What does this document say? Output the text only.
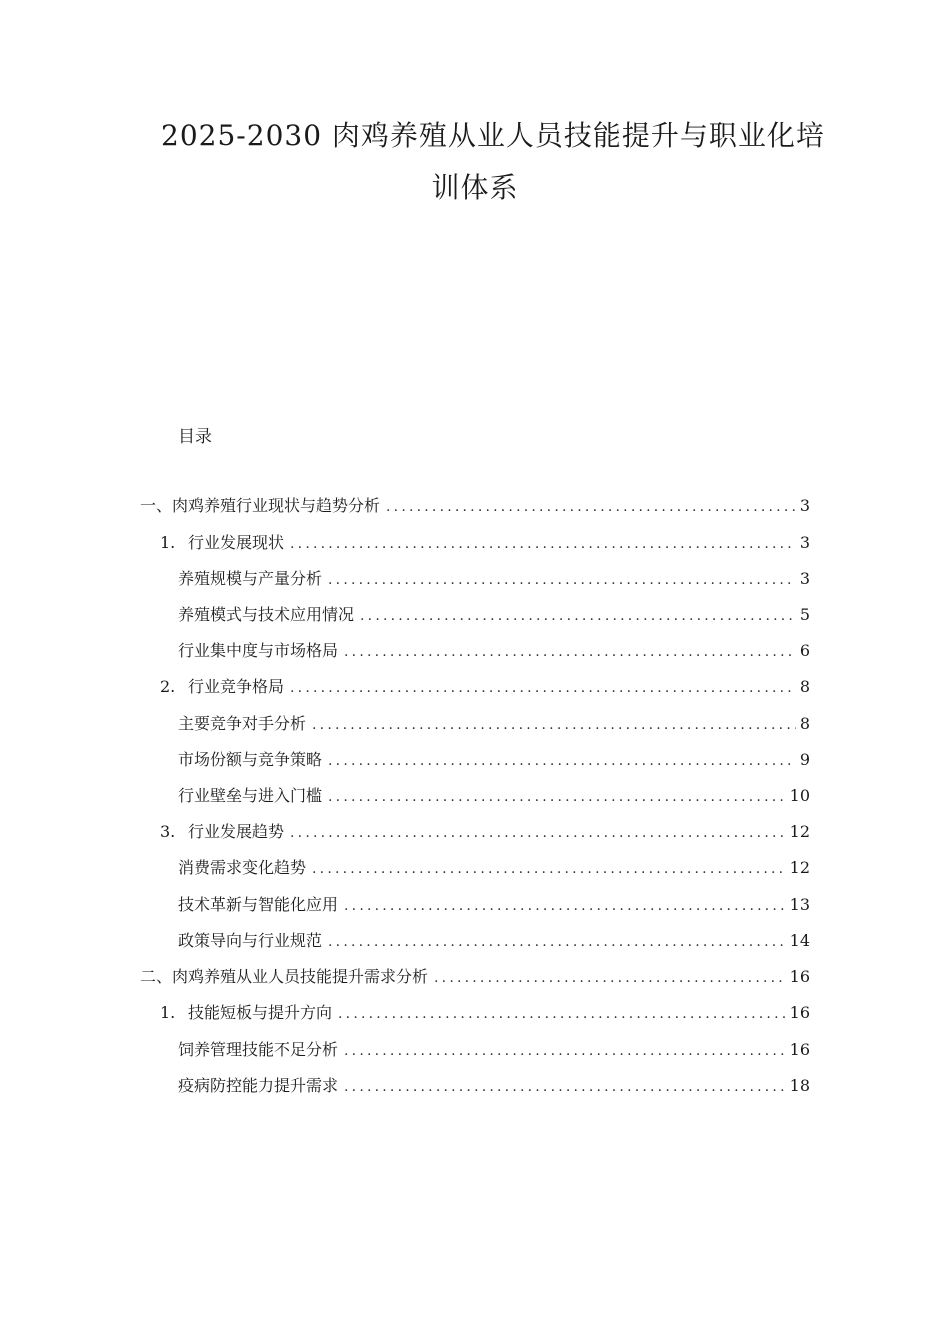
2025-2030 肉鸡养殖从业人员技能提升与职业化培
训体系
目录
一、肉鸡养殖行业现状与趋势分析 .....	3
1. 行业发展现状 .....	3
养殖规模与产量分析 .....	3
养殖模式与技术应用情况 .....	5
行业集中度与市场格局 .....	6
2. 行业竞争格局 .....	8
主要竞争对手分析 .....	8
市场份额与竞争策略 .....	9
行业壁垒与进入门槛 .....	10
3. 行业发展趋势 .....	12
消费需求变化趋势 .....	12
技术革新与智能化应用 .....	13
政策导向与行业规范 .....	14
二、肉鸡养殖从业人员技能提升需求分析 .....	16
1. 技能短板与提升方向 .....	16
饲养管理技能不足分析 .....	16
疫病防控能力提升需求 .....	18
